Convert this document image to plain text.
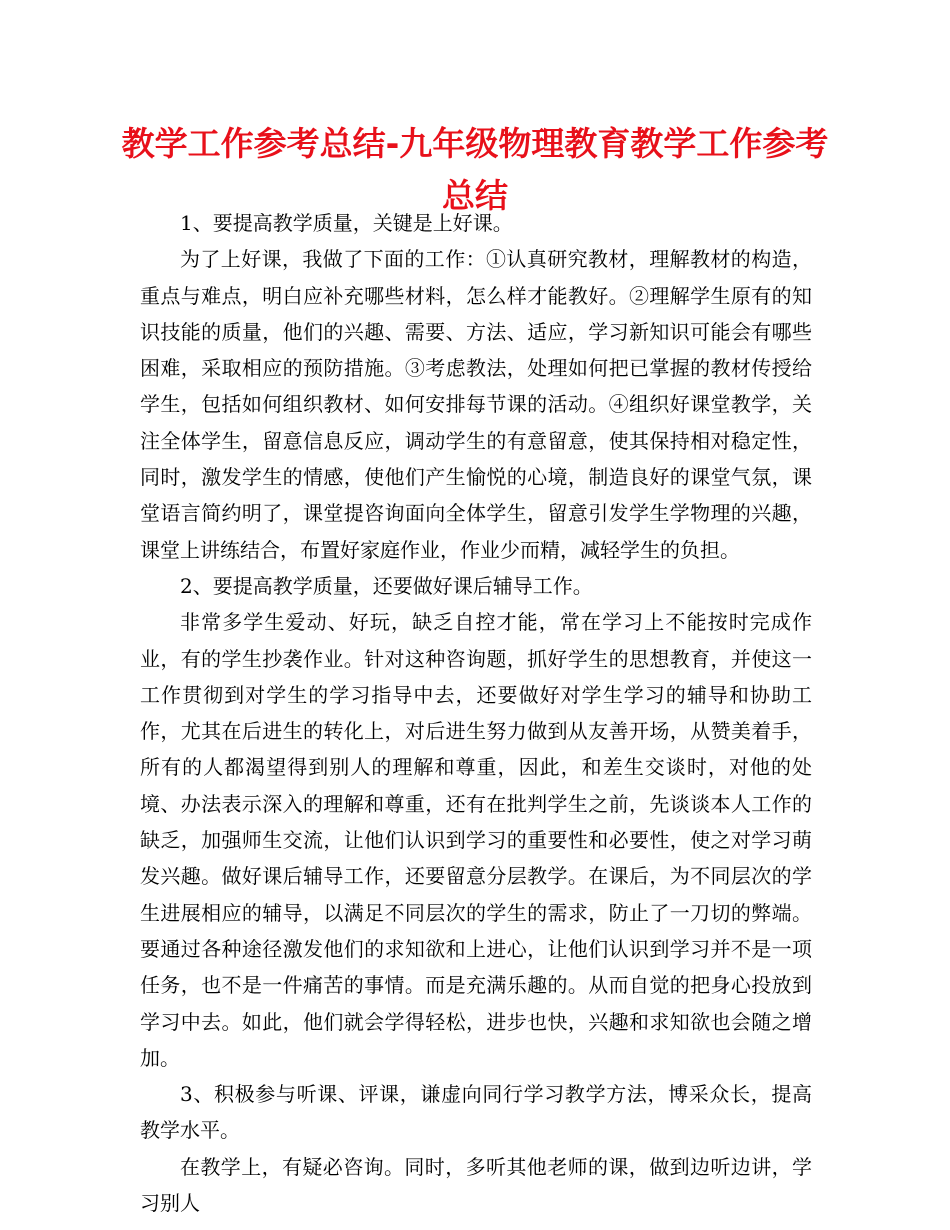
教学工作参考总结-九年级物理教育教学工作参考总结

1、要提高教学质量，关键是上好课。

为了上好课，我做了下面的工作：①认真研究教材，理解教材的构造，重点与难点，明白应补充哪些材料，怎么样才能教好。②理解学生原有的知识技能的质量，他们的兴趣、需要、方法、适应，学习新知识可能会有哪些困难，采取相应的预防措施。③考虑教法，处理如何把已掌握的教材传授给学生，包括如何组织教材、如何安排每节课的活动。④组织好课堂教学，关注全体学生，留意信息反应，调动学生的有意留意，使其保持相对稳定性，同时，激发学生的情感，使他们产生愉悦的心境，制造良好的课堂气氛，课堂语言简约明了，课堂提咨询面向全体学生，留意引发学生学物理的兴趣，课堂上讲练结合，布置好家庭作业，作业少而精，减轻学生的负担。

2、要提高教学质量，还要做好课后辅导工作。

非常多学生爱动、好玩，缺乏自控才能，常在学习上不能按时完成作业，有的学生抄袭作业。针对这种咨询题，抓好学生的思想教育，并使这一工作贯彻到对学生的学习指导中去，还要做好对学生学习的辅导和协助工作，尤其在后进生的转化上，对后进生努力做到从友善开场，从赞美着手，所有的人都渴望得到别人的理解和尊重，因此，和差生交谈时，对他的处境、办法表示深入的理解和尊重，还有在批判学生之前，先谈谈本人工作的缺乏，加强师生交流，让他们认识到学习的重要性和必要性，使之对学习萌发兴趣。做好课后辅导工作，还要留意分层教学。在课后，为不同层次的学生进展相应的辅导，以满足不同层次的学生的需求，防止了一刀切的弊端。要通过各种途径激发他们的求知欲和上进心，让他们认识到学习并不是一项任务，也不是一件痛苦的事情。而是充满乐趣的。从而自觉的把身心投放到学习中去。如此，他们就会学得轻松，进步也快，兴趣和求知欲也会随之增加。

3、积极参与听课、评课，谦虚向同行学习教学方法，博采众长，提高教学水平。

在教学上，有疑必咨询。同时，多听其他老师的课，做到边听边讲，学习别人
